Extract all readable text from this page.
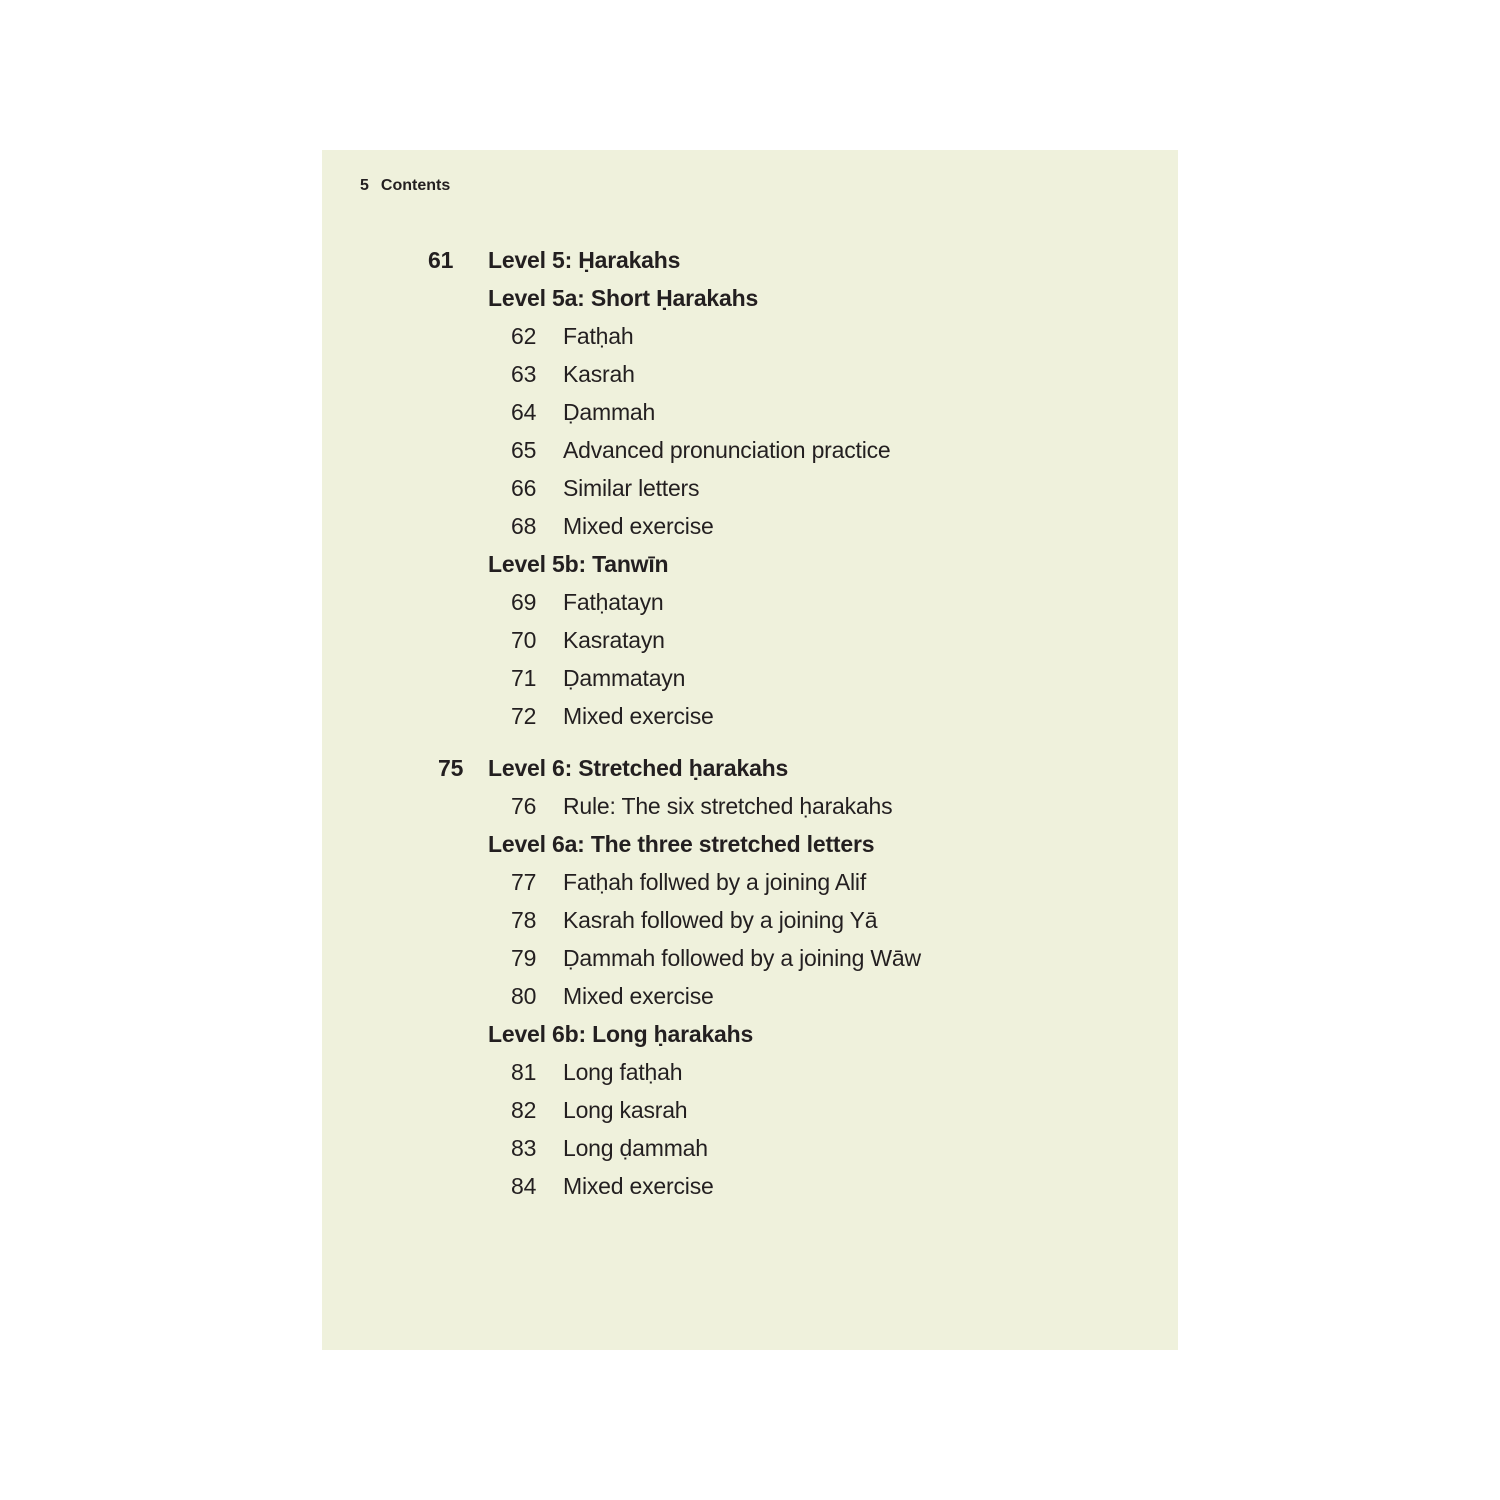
5 Contents
61 Level 5: Ḥarakahs
Level 5a: Short Ḥarakahs
62 Fatḥah
63 Kasrah
64 Ḍammah
65 Advanced pronunciation practice
66 Similar letters
68 Mixed exercise
Level 5b: Tanwīn
69 Fatḥatayn
70 Kasratayn
71 Ḍammatayn
72 Mixed exercise
75 Level 6: Stretched ḥarakahs
76 Rule: The six stretched ḥarakahs
Level 6a: The three stretched letters
77 Fatḥah follwed by a joining Alif
78 Kasrah followed by a joining Yā
79 Ḍammah followed by a joining Wāw
80 Mixed exercise
Level 6b: Long ḥarakahs
81 Long fatḥah
82 Long kasrah
83 Long ḍammah
84 Mixed exercise
